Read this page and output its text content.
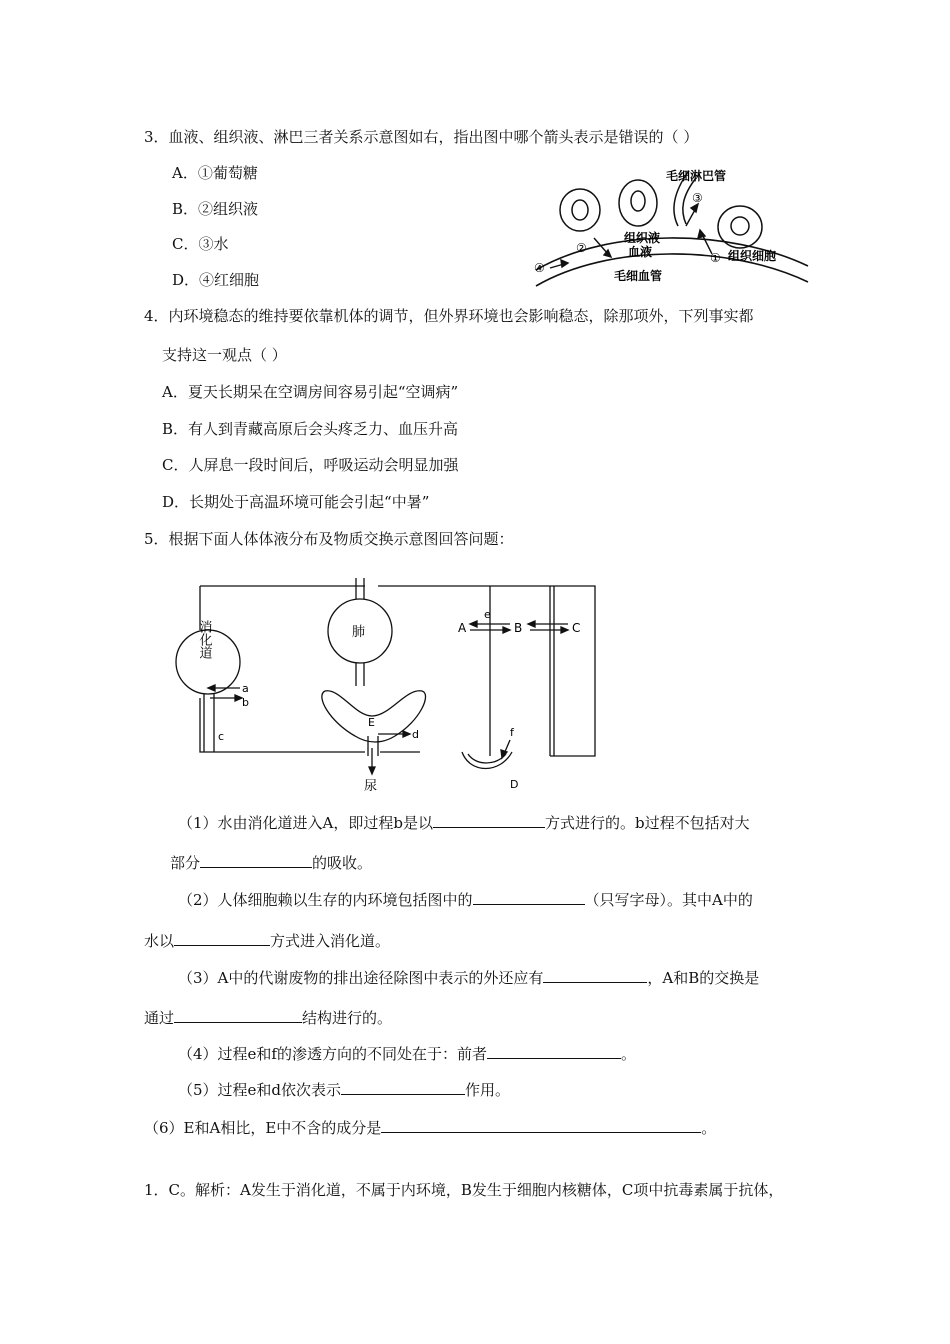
3．血液、组织液、淋巴三者关系示意图如右，指出图中哪个箭头表示是错误的（ ）
A．①葡萄糖
B．②组织液
C．③水
D．④红细胞
毛细淋巴管
③
组织液
血液
毛细血管
组织细胞
①
②
④
4．内环境稳态的维持要依靠机体的调节，但外界环境也会影响稳态，除那项外，下列事实都
支持这一观点（ ）
A．夏天长期呆在空调房间容易引起“空调病”
B．有人到青藏高原后会头疼乏力、血压升高
C．人屏息一段时间后，呼吸运动会明显加强
D．长期处于高温环境可能会引起“中暑”
5．根据下面人体体液分布及物质交换示意图回答问题：
消化道	肺
a
b
c	d
e
f
A	B	C
D
E
尿
（1）水由消化道进入A，即过程b是以	方式进行的。b过程不包括对大
部分	的吸收。
（2）人体细胞赖以生存的内环境包括图中的	（只写字母）。其中A中的
水以	方式进入消化道。
（3）A中的代谢废物的排出途径除图中表示的外还应有	，A和B的交换是
通过	结构进行的。
（4）过程e和f的渗透方向的不同处在于：前者	。
（5）过程e和d依次表示	作用。
（6）E和A相比，E中不含的成分是	。
1．C。解析：A发生于消化道，不属于内环境，B发生于细胞内核糖体，C项中抗毒素属于抗体，
